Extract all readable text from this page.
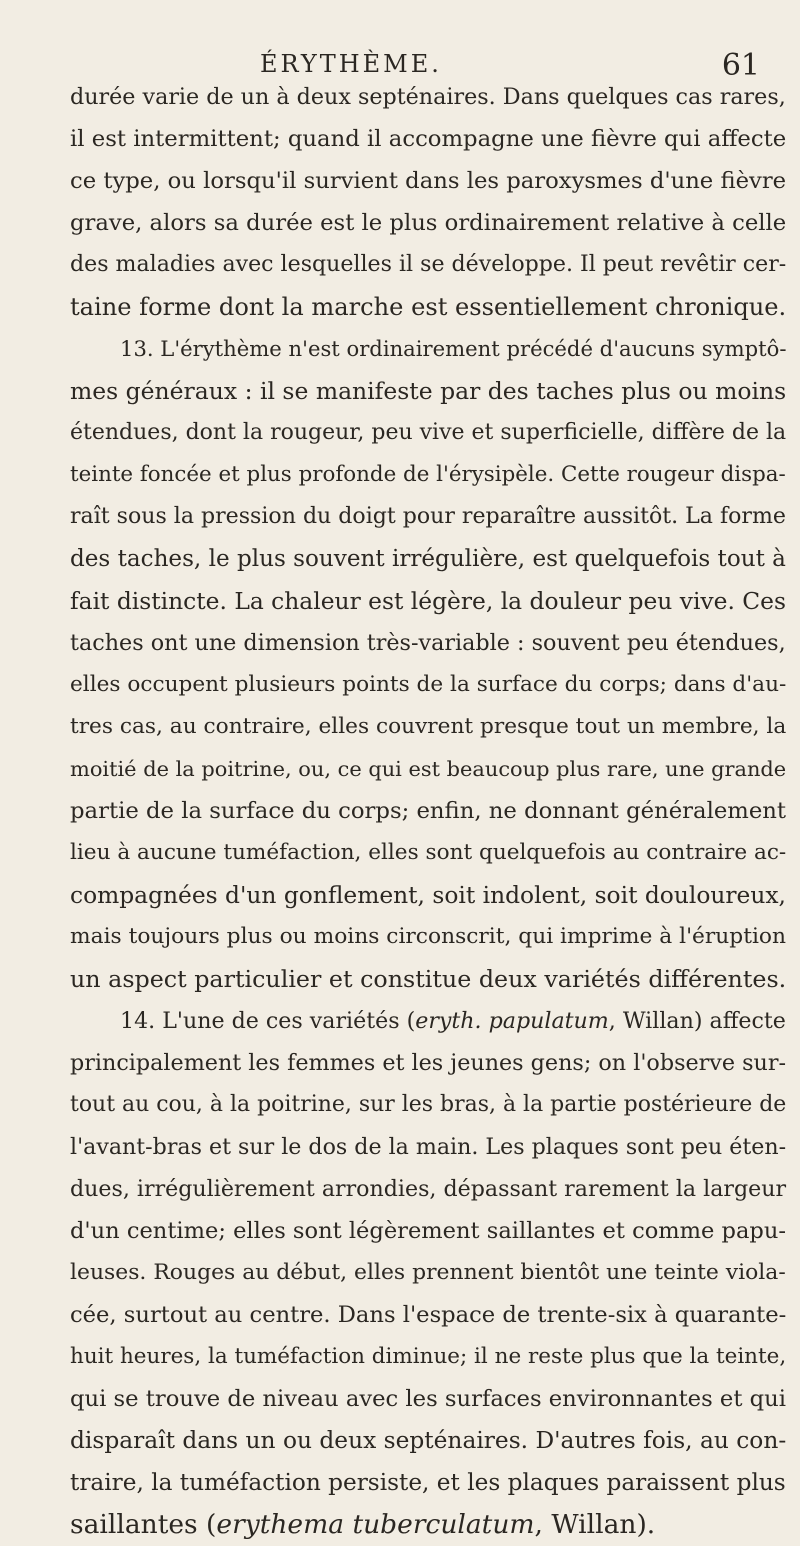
ÉRYTHÈME.	61
durée varie de un à deux septénaires. Dans quelques cas rares,
il est intermittent; quand il accompagne une fièvre qui affecte
ce type, ou lorsqu'il survient dans les paroxysmes d'une fièvre
grave, alors sa durée est le plus ordinairement relative à celle
des maladies avec lesquelles il se développe. Il peut revêtir cer-
taine forme dont la marche est essentiellement chronique.
13. L'érythème n'est ordinairement précédé d'aucuns symptô-
mes généraux : il se manifeste par des taches plus ou moins
étendues, dont la rougeur, peu vive et superficielle, diffère de la
teinte foncée et plus profonde de l'érysipèle. Cette rougeur dispa-
raît sous la pression du doigt pour reparaître aussitôt. La forme
des taches, le plus souvent irrégulière, est quelquefois tout à
fait distincte. La chaleur est légère, la douleur peu vive. Ces
taches ont une dimension très-variable : souvent peu étendues,
elles occupent plusieurs points de la surface du corps; dans d'au-
tres cas, au contraire, elles couvrent presque tout un membre, la
moitié de la poitrine, ou, ce qui est beaucoup plus rare, une grande
partie de la surface du corps; enfin, ne donnant généralement
lieu à aucune tuméfaction, elles sont quelquefois au contraire ac-
compagnées d'un gonflement, soit indolent, soit douloureux,
mais toujours plus ou moins circonscrit, qui imprime à l'éruption
un aspect particulier et constitue deux variétés différentes.
14. L'une de ces variétés (eryth. papulatum, Willan) affecte
principalement les femmes et les jeunes gens; on l'observe sur-
tout au cou, à la poitrine, sur les bras, à la partie postérieure de
l'avant-bras et sur le dos de la main. Les plaques sont peu éten-
dues, irrégulièrement arrondies, dépassant rarement la largeur
d'un centime; elles sont légèrement saillantes et comme papu-
leuses. Rouges au début, elles prennent bientôt une teinte viola-
cée, surtout au centre. Dans l'espace de trente-six à quarante-
huit heures, la tuméfaction diminue; il ne reste plus que la teinte,
qui se trouve de niveau avec les surfaces environnantes et qui
disparaît dans un ou deux septénaires. D'autres fois, au con-
traire, la tuméfaction persiste, et les plaques paraissent plus
saillantes (erythema tuberculatum, Willan).
